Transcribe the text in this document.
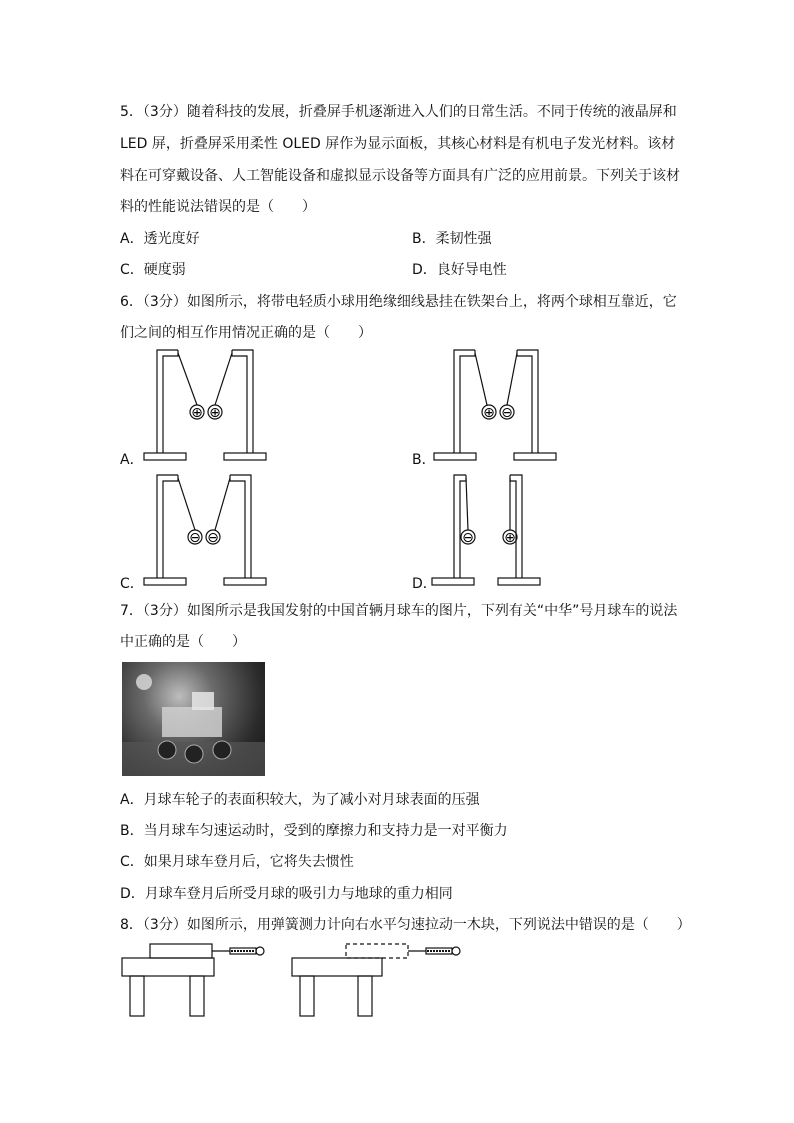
5．（3分）随着科技的发展，折叠屏手机逐渐进入人们的日常生活。不同于传统的液晶屏和
LED 屏，折叠屏采用柔性 OLED 屏作为显示面板，其核心材料是有机电子发光材料。该材
料在可穿戴设备、人工智能设备和虚拟显示设备等方面具有广泛的应用前景。下列关于该材
料的性能说法错误的是（　　）
A．透光度好	B．柔韧性强
C．硬度弱	D．良好导电性
6．（3分）如图所示，将带电轻质小球用绝缘细线悬挂在铁架台上，将两个球相互靠近，它
们之间的相互作用情况正确的是（　　）
A．	B．
C．	D．
⊕ ⊕	⊕ ⊖
⊖ ⊖	⊖ ⊕
7．（3分）如图所示是我国发射的中国首辆月球车的图片，下列有关“中华”号月球车的说法
中正确的是（　　）
A．月球车轮子的表面积较大，为了减小对月球表面的压强
B．当月球车匀速运动时，受到的摩擦力和支持力是一对平衡力
C．如果月球车登月后，它将失去惯性
D．月球车登月后所受月球的吸引力与地球的重力相同
8．（3分）如图所示，用弹簧测力计向右水平匀速拉动一木块，下列说法中错误的是（　　）
